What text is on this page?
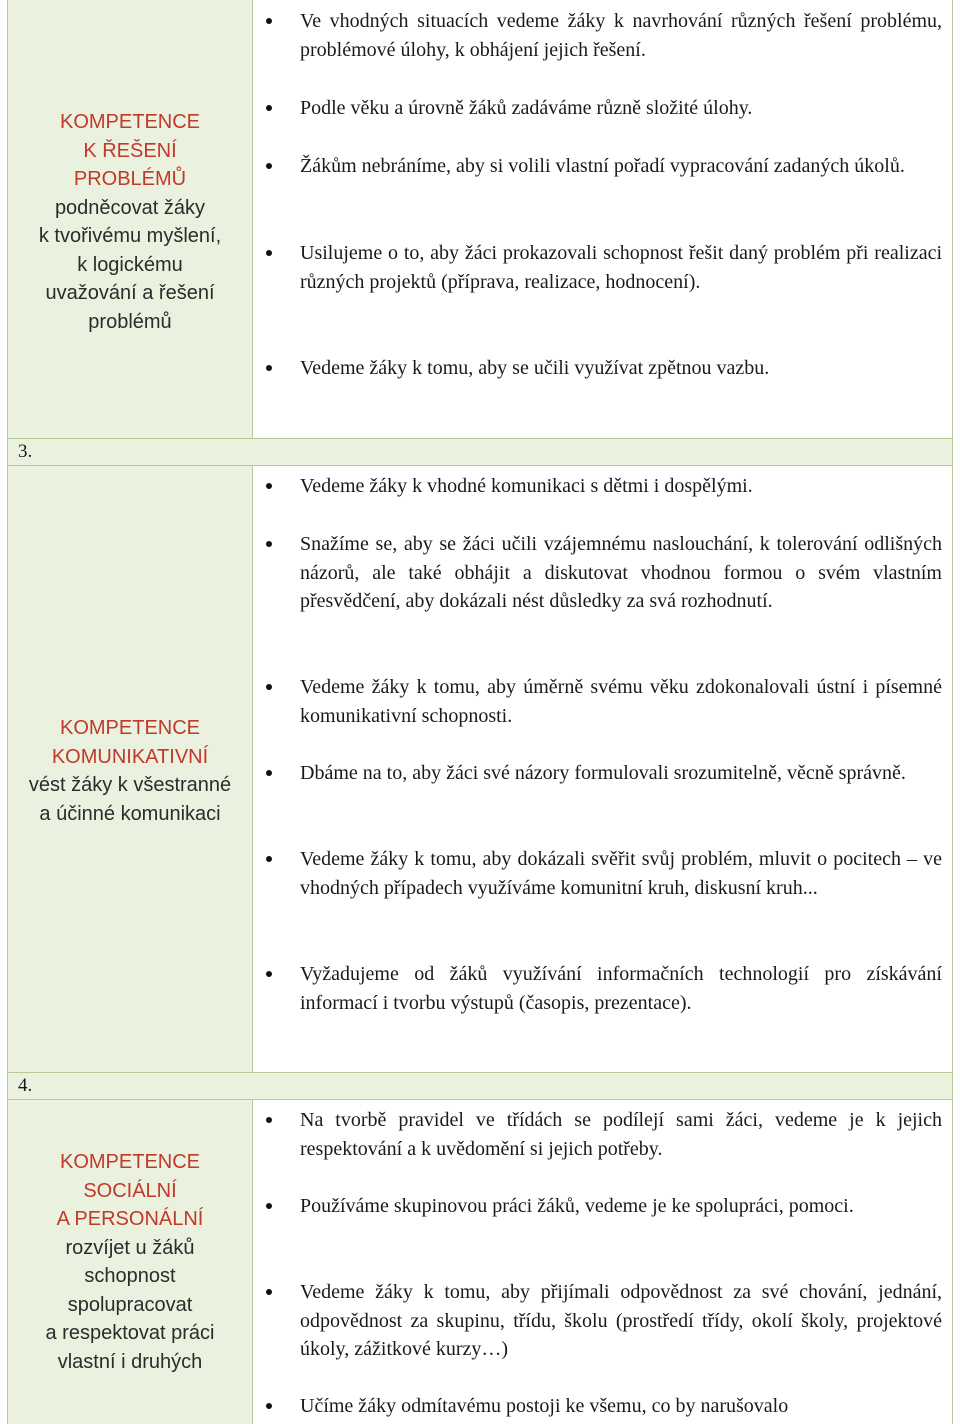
KOMPETENCE
K ŘEŠENÍ
PROBLÉMŮ
podněcovat žáky
k tvořivému myšlení,
k logickému
uvažování a řešení
problémů
Ve vhodných situacích vedeme žáky k navrhování různých řešení problému, problémové úlohy, k obhájení jejich řešení.
Podle věku a úrovně žáků zadáváme různě složité úlohy.
Žákům nebráníme, aby si volili vlastní pořadí vypracování zadaných úkolů.
Usilujeme o to, aby žáci prokazovali schopnost řešit daný problém při realizaci různých projektů (příprava, realizace, hodnocení).
Vedeme žáky k tomu, aby se učili využívat zpětnou vazbu.
3.
KOMPETENCE
KOMUNIKATIVNÍ
vést žáky k všestranné
a účinné komunikaci
Vedeme žáky k vhodné komunikaci s dětmi i dospělými.
Snažíme se, aby se žáci učili vzájemnému naslouchání, k tolerování odlišných názorů, ale také obhájit a diskutovat vhodnou formou o svém vlastním přesvědčení, aby dokázali nést důsledky za svá rozhodnutí.
Vedeme žáky k tomu, aby úměrně svému věku zdokonalovali ústní i písemné komunikativní schopnosti.
Dbáme na to, aby žáci své názory formulovali srozumitelně, věcně správně.
Vedeme žáky k tomu, aby dokázali svěřit svůj problém, mluvit o pocitech – ve vhodných případech využíváme komunitní kruh, diskusní kruh...
Vyžadujeme od žáků využívání informačních technologií pro získávání informací i tvorbu výstupů (časopis, prezentace).
4.
KOMPETENCE
SOCIÁLNÍ
A PERSONÁLNÍ
rozvíjet u žáků
schopnost
spolupracovat
a respektovat práci
vlastní i druhých
Na tvorbě pravidel ve třídách se podílejí sami žáci, vedeme je k jejich respektování a k uvědomění si jejich potřeby.
Používáme skupinovou práci žáků, vedeme je ke spolupráci, pomoci.
Vedeme žáky k tomu, aby přijímali odpovědnost za své chování, jednání, odpovědnost za skupinu, třídu, školu (prostředí třídy, okolí školy, projektové úkoly, zážitkové kurzy…)
Učíme žáky odmítavému postoji ke všemu, co by narušovalo
